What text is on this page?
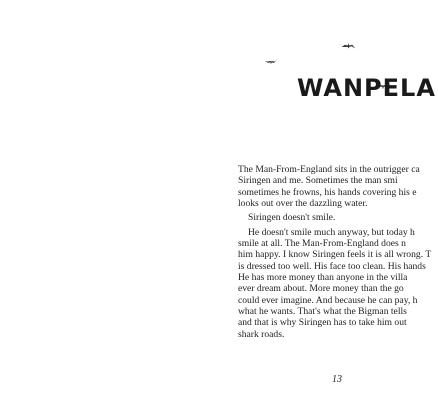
WANPELA

The Man-From-England sits in the outrigger ca

Siringen and me. Sometimes the man smi

sometimes he frowns, his hands covering his e

looks out over the dazzling water.

Siringen doesn't smile.

He doesn't smile much anyway, but today h

smile at all. The Man-From-England does n

him happy. I know Siringen feels it is all wrong. T

is dressed too well. His face too clean. His hands

He has more money than anyone in the villa

ever dream about. More money than the go

could ever imagine. And because he can pay, h

what he wants. That's what the Bigman tells

and that is why Siringen has to take him out

shark roads.

13
